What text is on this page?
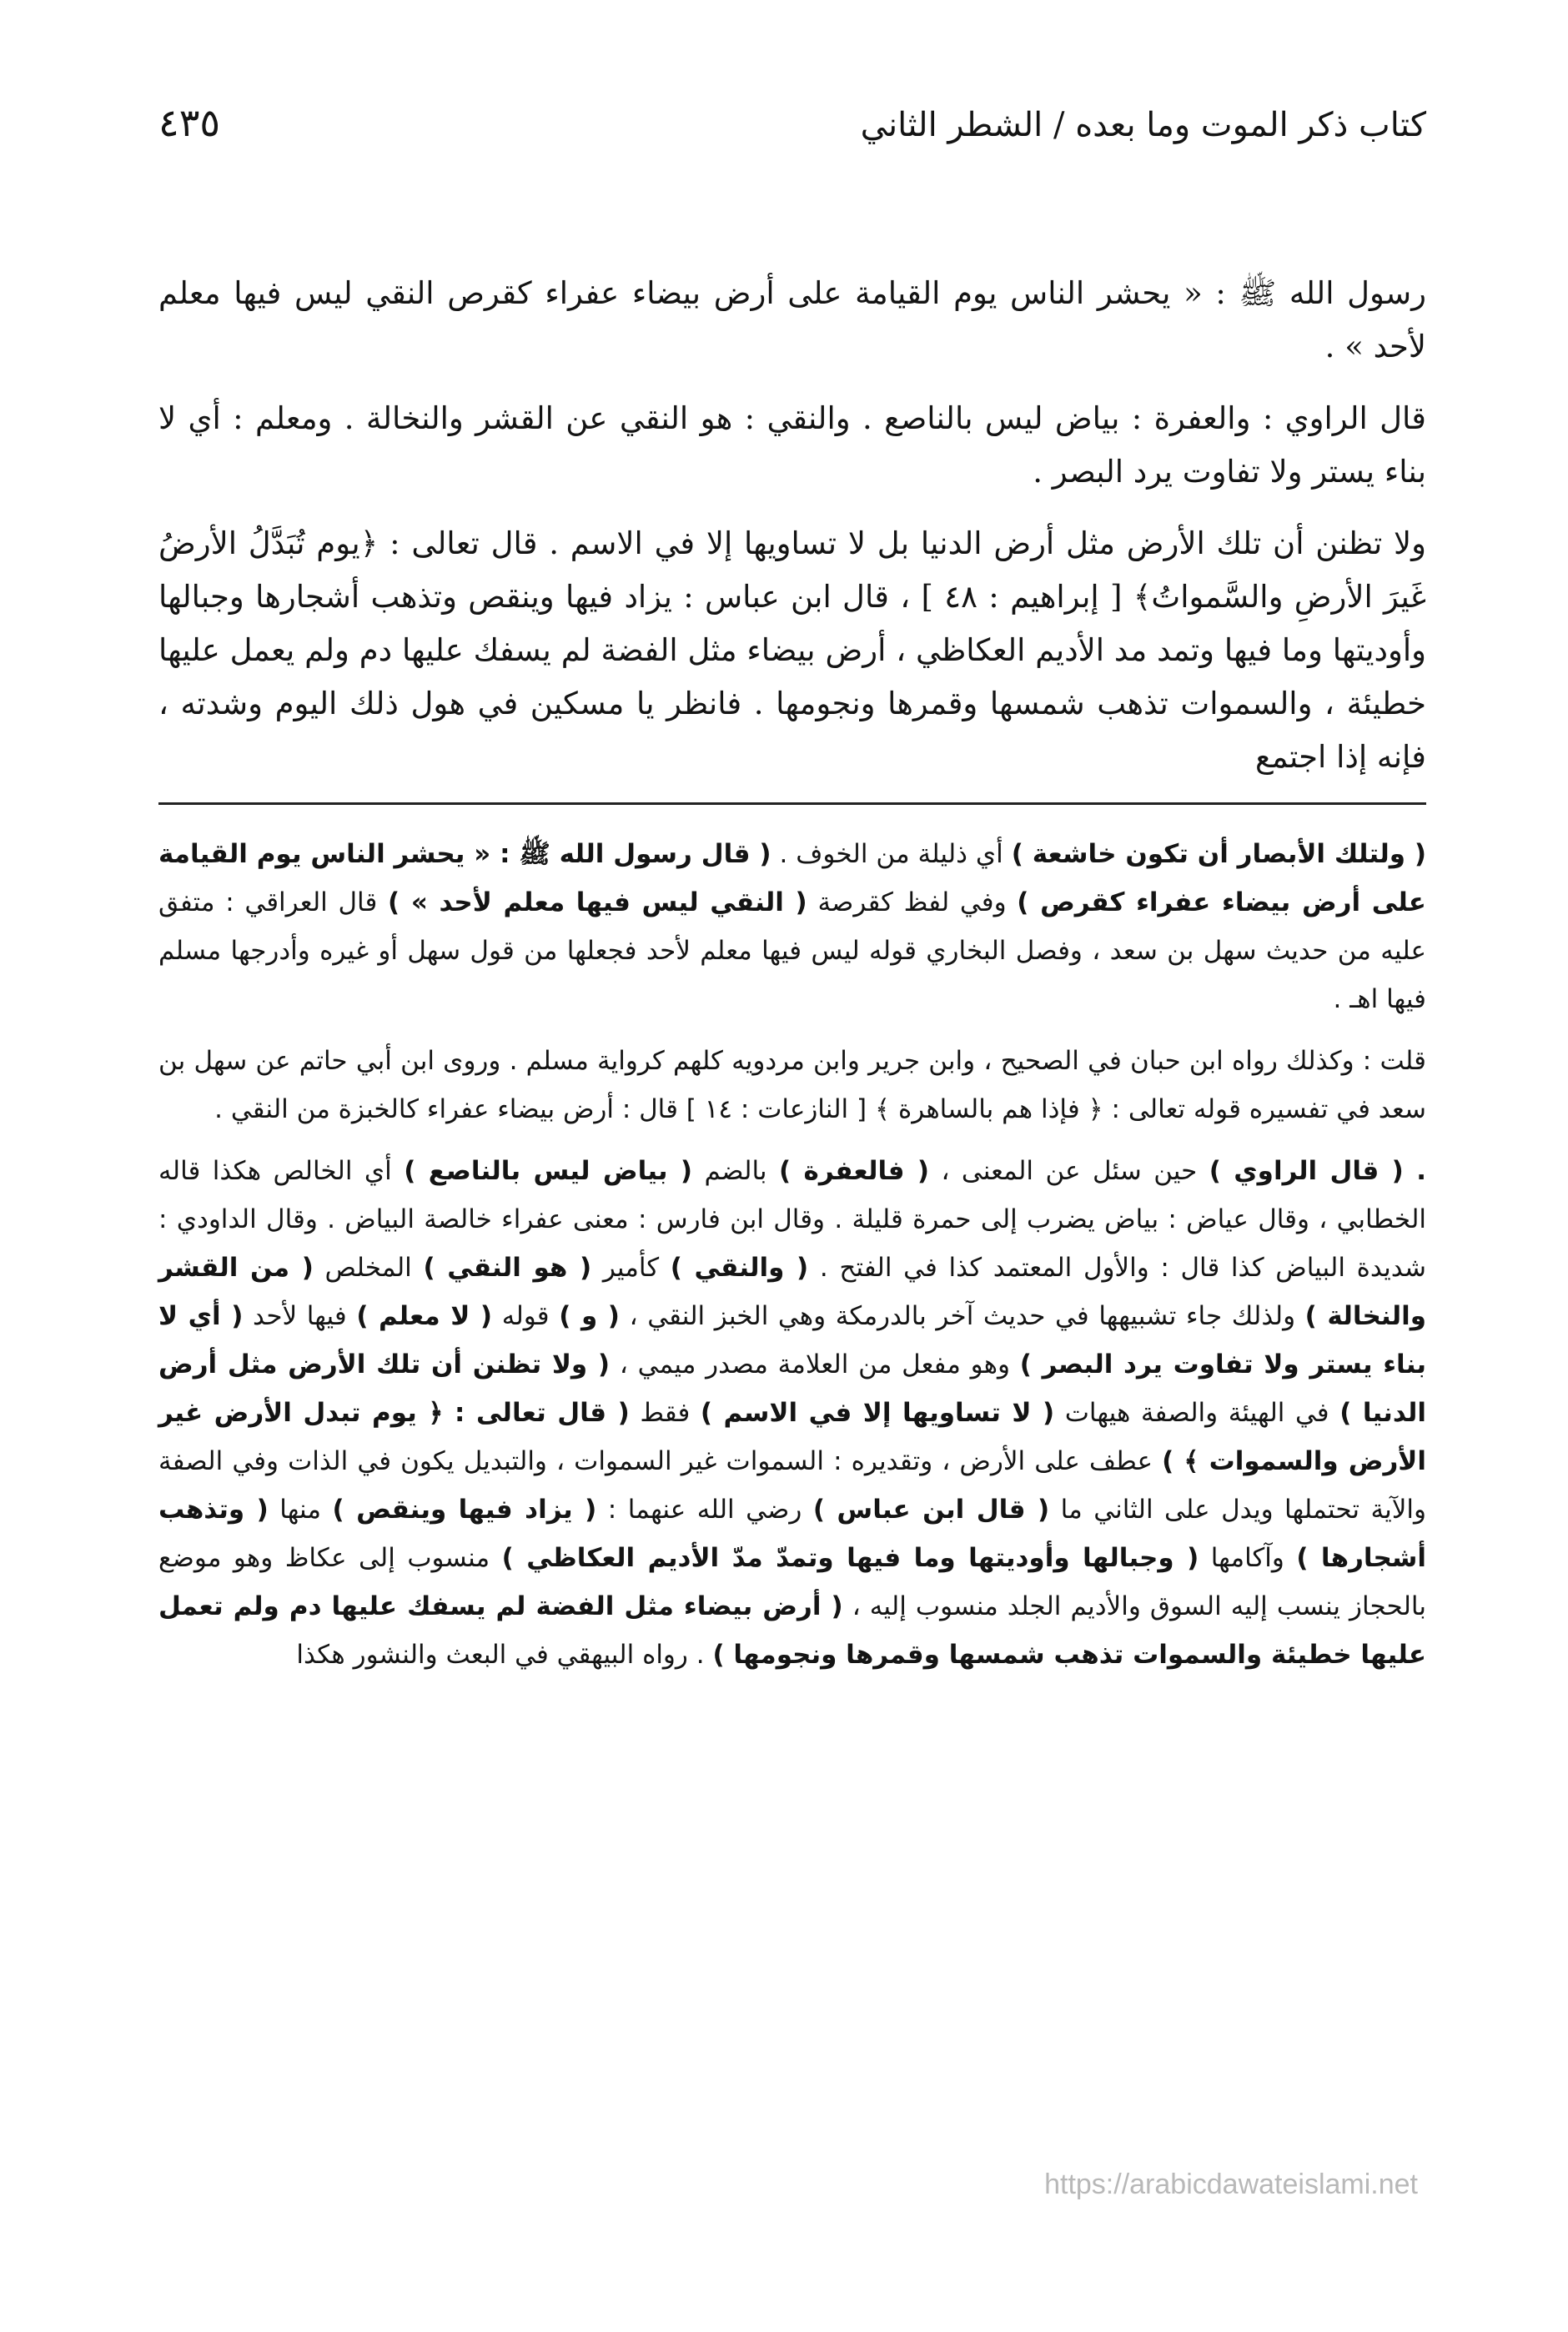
كتاب ذكر الموت وما بعده / الشطر الثاني
٤٣٥

رسول الله ﷺ : « يحشر الناس يوم القيامة على أرض بيضاء عفراء كقرص النقي ليس فيها معلم لأحد » .

قال الراوي : والعفرة : بياض ليس بالناصع . والنقي : هو النقي عن القشر والنخالة . ومعلم : أي لا بناء يستر ولا تفاوت يرد البصر .

ولا تظنن أن تلك الأرض مثل أرض الدنيا بل لا تساويها إلا في الاسم . قال تعالى : ﴿يوم تُبَدَّلُ الأرضُ غَيرَ الأرضِ والسَّمواتُ﴾ [ إبراهيم : ٤٨ ] ، قال ابن عباس : يزاد فيها وينقص وتذهب أشجارها وجبالها وأوديتها وما فيها وتمد مد الأديم العكاظي ، أرض بيضاء مثل الفضة لم يسفك عليها دم ولم يعمل عليها خطيئة ، والسموات تذهب شمسها وقمرها ونجومها . فانظر يا مسكين في هول ذلك اليوم وشدته ، فإنه إذا اجتمع

( ولتلك الأبصار أن تكون خاشعة ) أي ذليلة من الخوف . ( قال رسول الله ﷺ : « يحشر الناس يوم القيامة على أرض بيضاء عفراء كقرص ) وفي لفظ كقرصة ( النقي ليس فيها معلم لأحد » ) قال العراقي : متفق عليه من حديث سهل بن سعد ، وفصل البخاري قوله ليس فيها معلم لأحد فجعلها من قول سهل أو غيره وأدرجها مسلم فيها اهـ .

قلت : وكذلك رواه ابن حبان في الصحيح ، وابن جرير وابن مردويه كلهم كرواية مسلم . وروى ابن أبي حاتم عن سهل بن سعد في تفسيره قوله تعالى : ﴿ فإذا هم بالساهرة ﴾ [ النازعات : ١٤ ] قال : أرض بيضاء عفراء كالخبزة من النقي .

. ( قال الراوي ) حين سئل عن المعنى ، ( فالعفرة ) بالضم ( بياض ليس بالناصع ) أي الخالص هكذا قاله الخطابي ، وقال عياض : بياض يضرب إلى حمرة قليلة . وقال ابن فارس : معنى عفراء خالصة البياض . وقال الداودي : شديدة البياض كذا قال : والأول المعتمد كذا في الفتح . ( والنقي ) كأمير ( هو النقي ) المخلص ( من القشر والنخالة ) ولذلك جاء تشبيهها في حديث آخر بالدرمكة وهي الخبز النقي ، ( و ) قوله ( لا معلم ) فيها لأحد ( أي لا بناء يستر ولا تفاوت يرد البصر ) وهو مفعل من العلامة مصدر ميمي ، ( ولا تظنن أن تلك الأرض مثل أرض الدنيا ) في الهيئة والصفة هيهات ( لا تساويها إلا في الاسم ) فقط ( قال تعالى : ﴿ يوم تبدل الأرض غير الأرض والسموات ﴾ ) عطف على الأرض ، وتقديره : السموات غير السموات ، والتبديل يكون في الذات وفي الصفة والآية تحتملها ويدل على الثاني ما ( قال ابن عباس ) رضي الله عنهما : ( يزاد فيها وينقص ) منها ( وتذهب أشجارها ) وآكامها ( وجبالها وأوديتها وما فيها وتمدّ مدّ الأديم العكاظي ) منسوب إلى عكاظ وهو موضع بالحجاز ينسب إليه السوق والأديم الجلد منسوب إليه ، ( أرض بيضاء مثل الفضة لم يسفك عليها دم ولم تعمل عليها خطيئة والسموات تذهب شمسها وقمرها ونجومها ) . رواه البيهقي في البعث والنشور هكذا

https://arabicdawateislami.net
